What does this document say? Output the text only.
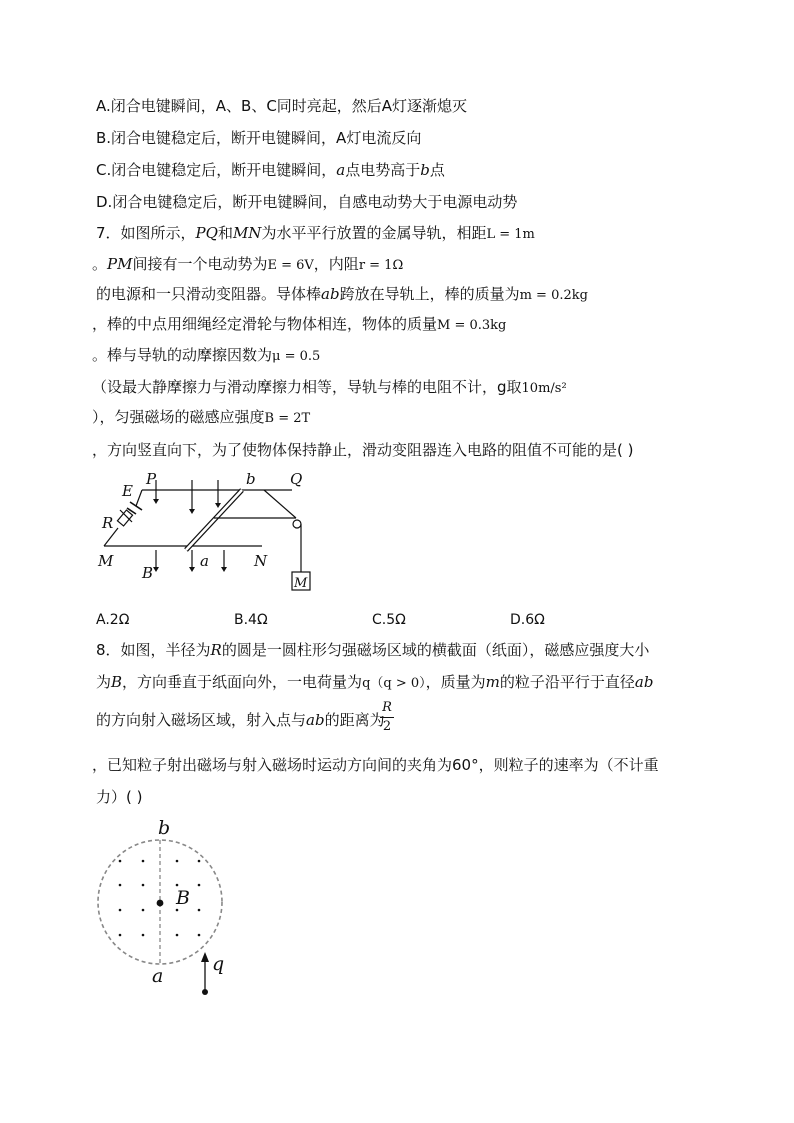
A.闭合电键瞬间，A、B、C同时亮起，然后A灯逐渐熄灭
B.闭合电键稳定后，断开电键瞬间，A灯电流反向
C.闭合电键稳定后，断开电键瞬间，a点电势高于b点
D.闭合电键稳定后，断开电键瞬间，自感电动势大于电源电动势
7．如图所示，PQ和MN为水平平行放置的金属导轨，相距L = 1m
。PM间接有一个电动势为E = 6V，内阻r = 1Ω
的电源和一只滑动变阻器。导体棒ab跨放在导轨上，棒的质量为m = 0.2kg
，棒的中点用细绳经定滑轮与物体相连，物体的质量M = 0.3kg
。棒与导轨的动摩擦因数为μ = 0.5
（设最大静摩擦力与滑动摩擦力相等，导轨与棒的电阻不计，g取10m/s²
），匀强磁场的磁感应强度B = 2T
，方向竖直向下，为了使物体保持静止，滑动变阻器连入电路的阻值不可能的是( )
E
P	b Q
R
M
B
a	N
M
A.2Ω	B.4Ω	C.5Ω	D.6Ω
8．如图，半径为R的圆是一圆柱形匀强磁场区域的横截面（纸面），磁感应强度大小
为B，方向垂直于纸面向外，一电荷量为q（q > 0），质量为m的粒子沿平行于直径ab
的方向射入磁场区域，射入点与ab的距离为
R
2
，已知粒子射出磁场与射入磁场时运动方向间的夹角为60°，则粒子的速率为（不计重
力）( )
b
B
a
q
